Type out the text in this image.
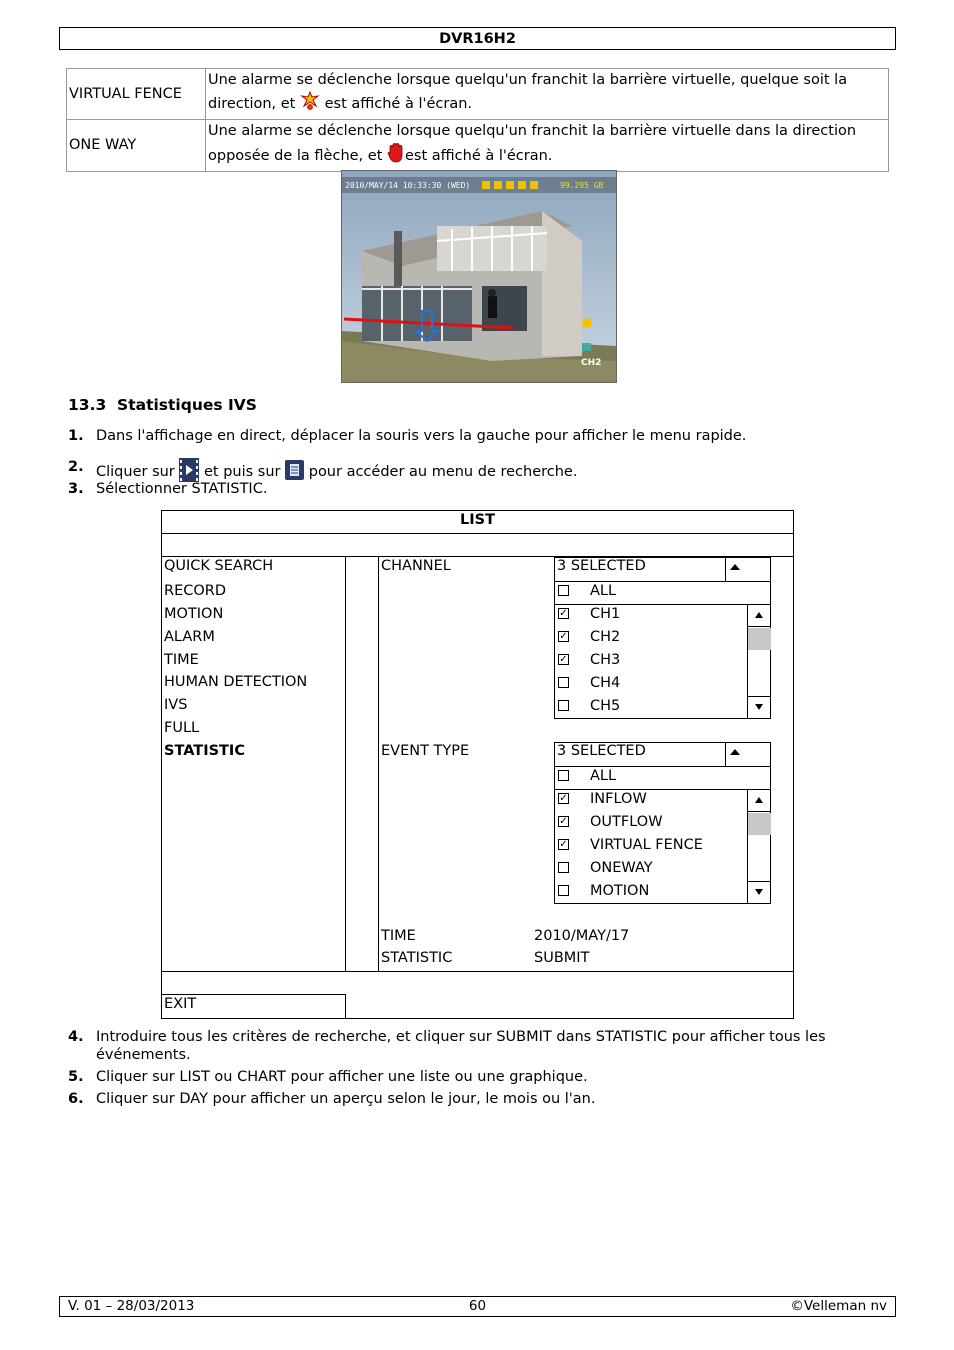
DVR16H2
VIRTUAL FENCE	Une alarme se déclenche lorsque quelqu'un franchit la barrière virtuelle, quelque soit la direction, et  est affiché à l'écran.
ONE WAY	Une alarme se déclenche lorsque quelqu'un franchit la barrière virtuelle dans la direction opposée de la flèche, et est affiché à l'écran.
2010/MAY/14 10:33:30 (WED)	99.295 GB
CH2
13.3 Statistiques IVS
1. Dans l'affichage en direct, déplacer la souris vers la gauche pour afficher le menu rapide.
2. Cliquer sur  et puis sur  pour accéder au menu de recherche.
3. Sélectionner STATISTIC.
LIST
EXIT
QUICK SEARCH
RECORD
MOTION
ALARM
TIME
HUMAN DETECTION
IVS
FULL
STATISTIC
CHANNEL	3 SELECTED
ALL
✓ CH1
✓ CH2
✓ CH3
CH4
CH5
EVENT TYPE	3 SELECTED
ALL
✓ INFLOW
✓ OUTFLOW
✓ VIRTUAL FENCE
ONEWAY
MOTION
TIME	2010/MAY/17
STATISTIC	SUBMIT
4. Introduire tous les critères de recherche, et cliquer sur SUBMIT dans STATISTIC pour afficher tous les événements.
5. Cliquer sur LIST ou CHART pour afficher une liste ou une graphique.
6. Cliquer sur DAY pour afficher un aperçu selon le jour, le mois ou l'an.
V. 01 – 28/03/2013	60	©Velleman nv
